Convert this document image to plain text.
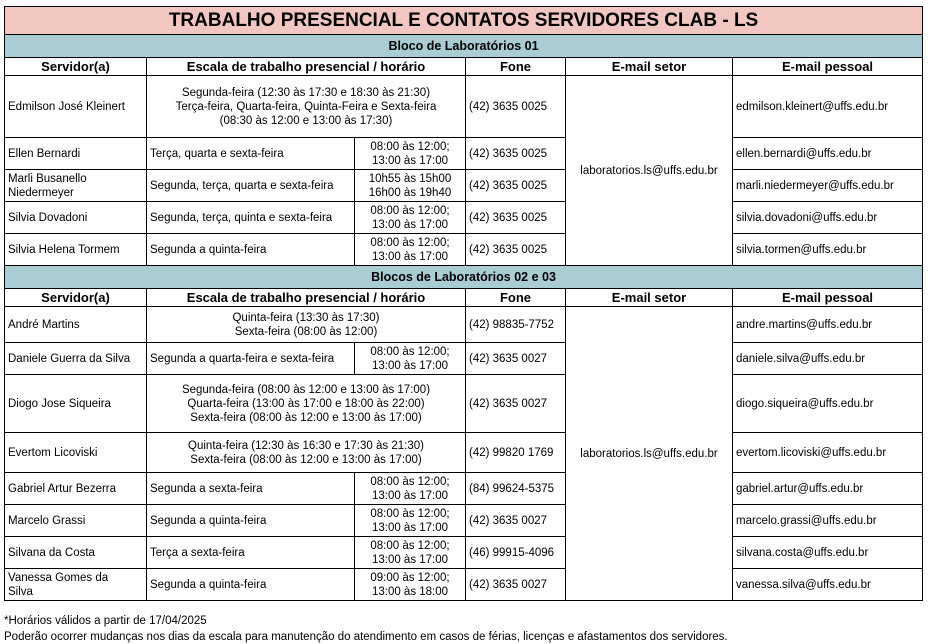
TRABALHO PRESENCIAL E CONTATOS SERVIDORES CLAB - LS					
Bloco de Laboratórios 01					
Servidor(a)	Escala de trabalho presencial / horário		Fone	E-mail setor	E-mail pessoal
Edmilson José Kleinert	Segunda-feira (12:30 às 17:30 e 18:30 às 21:30)
Terça-feira, Quarta-feira, Quinta-Feira e Sexta-feira
(08:30 às 12:00 e 13:00 às 17:30)		(42) 3635 0025	laboratorios.ls@uffs.edu.br	edmilson.kleinert@uffs.edu.br
Ellen Bernardi	Terça, quarta e sexta-feira	08:00 às 12:00;
13:00 às 17:00	(42) 3635 0025		ellen.bernardi@uffs.edu.br
Marli Busanello
Niedermeyer	Segunda, terça, quarta e sexta-feira	10h55 às 15h00
16h00 às 19h40	(42) 3635 0025		marli.niedermeyer@uffs.edu.br
Silvia Dovadoni	Segunda, terça, quinta e sexta-feira	08:00 às 12:00;
13:00 às 17:00	(42) 3635 0025		silvia.dovadoni@uffs.edu.br
Silvia Helena Tormem	Segunda a quinta-feira	08:00 às 12:00;
13:00 às 17:00	(42) 3635 0025		silvia.tormen@uffs.edu.br
Blocos de Laboratórios 02 e 03					
Servidor(a)	Escala de trabalho presencial / horário		Fone	E-mail setor	E-mail pessoal
André Martins	Quinta-feira (13:30 às 17:30)
Sexta-feira (08:00 às 12:00)		(42) 98835-7752	laboratorios.ls@uffs.edu.br	andre.martins@uffs.edu.br
Daniele Guerra da Silva	Segunda a quarta-feira e sexta-feira	08:00 às 12:00;
13:00 às 17:00	(42) 3635 0027		daniele.silva@uffs.edu.br
Diogo Jose Siqueira	Segunda-feira (08:00 às 12:00 e 13:00 às 17:00)
Quarta-feira (13:00 às 17:00 e 18:00 às 22:00)
Sexta-feira (08:00 às 12:00 e 13:00 às 17:00)		(42) 3635 0027		diogo.siqueira@uffs.edu.br
Evertom Licoviski	Quinta-feira (12:30 às 16:30 e 17:30 às 21:30)
Sexta-feira (08:00 às 12:00 e 13:00 às 17:00)		(42) 99820 1769		evertom.licoviski@uffs.edu.br
Gabriel Artur Bezerra	Segunda a sexta-feira	08:00 às 12:00;
13:00 às 17:00	(84) 99624-5375		gabriel.artur@uffs.edu.br
Marcelo Grassi	Segunda a quinta-feira	08:00 às 12:00;
13:00 às 17:00	(42) 3635 0027		marcelo.grassi@uffs.edu.br
Silvana da Costa	Terça a sexta-feira	08:00 às 12:00;
13:00 às 17:00	(46) 99915-4096		silvana.costa@uffs.edu.br
Vanessa Gomes da
Silva	Segunda a quinta-feira	09:00 às 12:00;
13:00 às 18:00	(42) 3635 0027		vanessa.silva@uffs.edu.br
*Horários válidos a partir de 17/04/2025
Poderão ocorrer mudanças nos dias da escala para manutenção do atendimento em casos de férias, licenças e afastamentos dos servidores.
